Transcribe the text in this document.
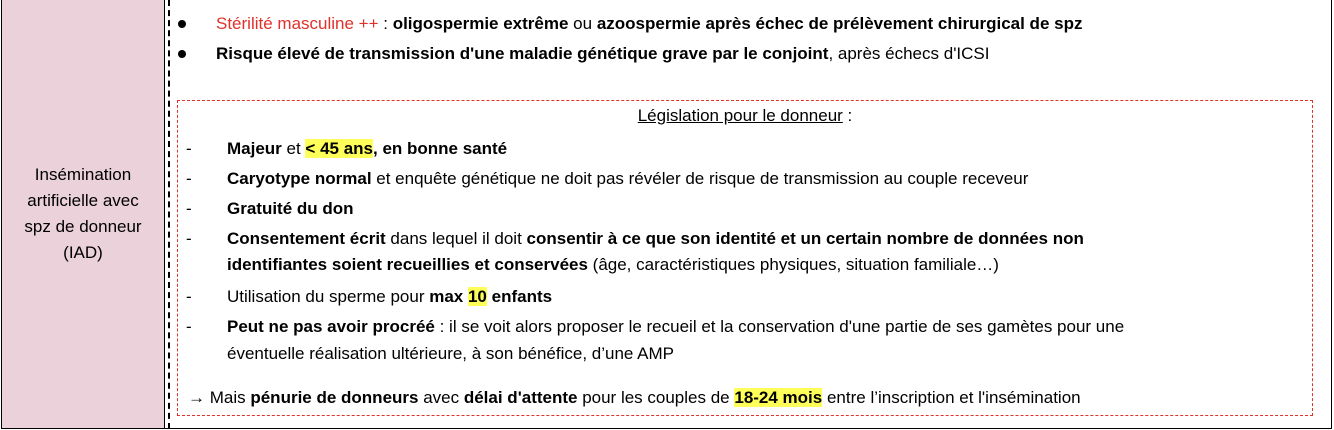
Insémination
artificielle avec
spz de donneur
(IAD)
Stérilité masculine ++ : oligospermie extrême ou azoospermie après échec de prélèvement chirurgical de spz
Risque élevé de transmission d'une maladie génétique grave par le conjoint, après échecs d'ICSI
Législation pour le donneur :
- Majeur et < 45 ans, en bonne santé
- Caryotype normal et enquête génétique ne doit pas révéler de risque de transmission au couple receveur
- Gratuité du don
- Consentement écrit dans lequel il doit consentir à ce que son identité et un certain nombre de données non
identifiantes soient recueillies et conservées (âge, caractéristiques physiques, situation familiale…)
- Utilisation du sperme pour max 10 enfants
- Peut ne pas avoir procréé : il se voit alors proposer le recueil et la conservation d'une partie de ses gamètes pour une
éventuelle réalisation ultérieure, à son bénéfice, d’une AMP
→ Mais pénurie de donneurs avec délai d'attente pour les couples de 18-24 mois entre l’inscription et l'insémination
